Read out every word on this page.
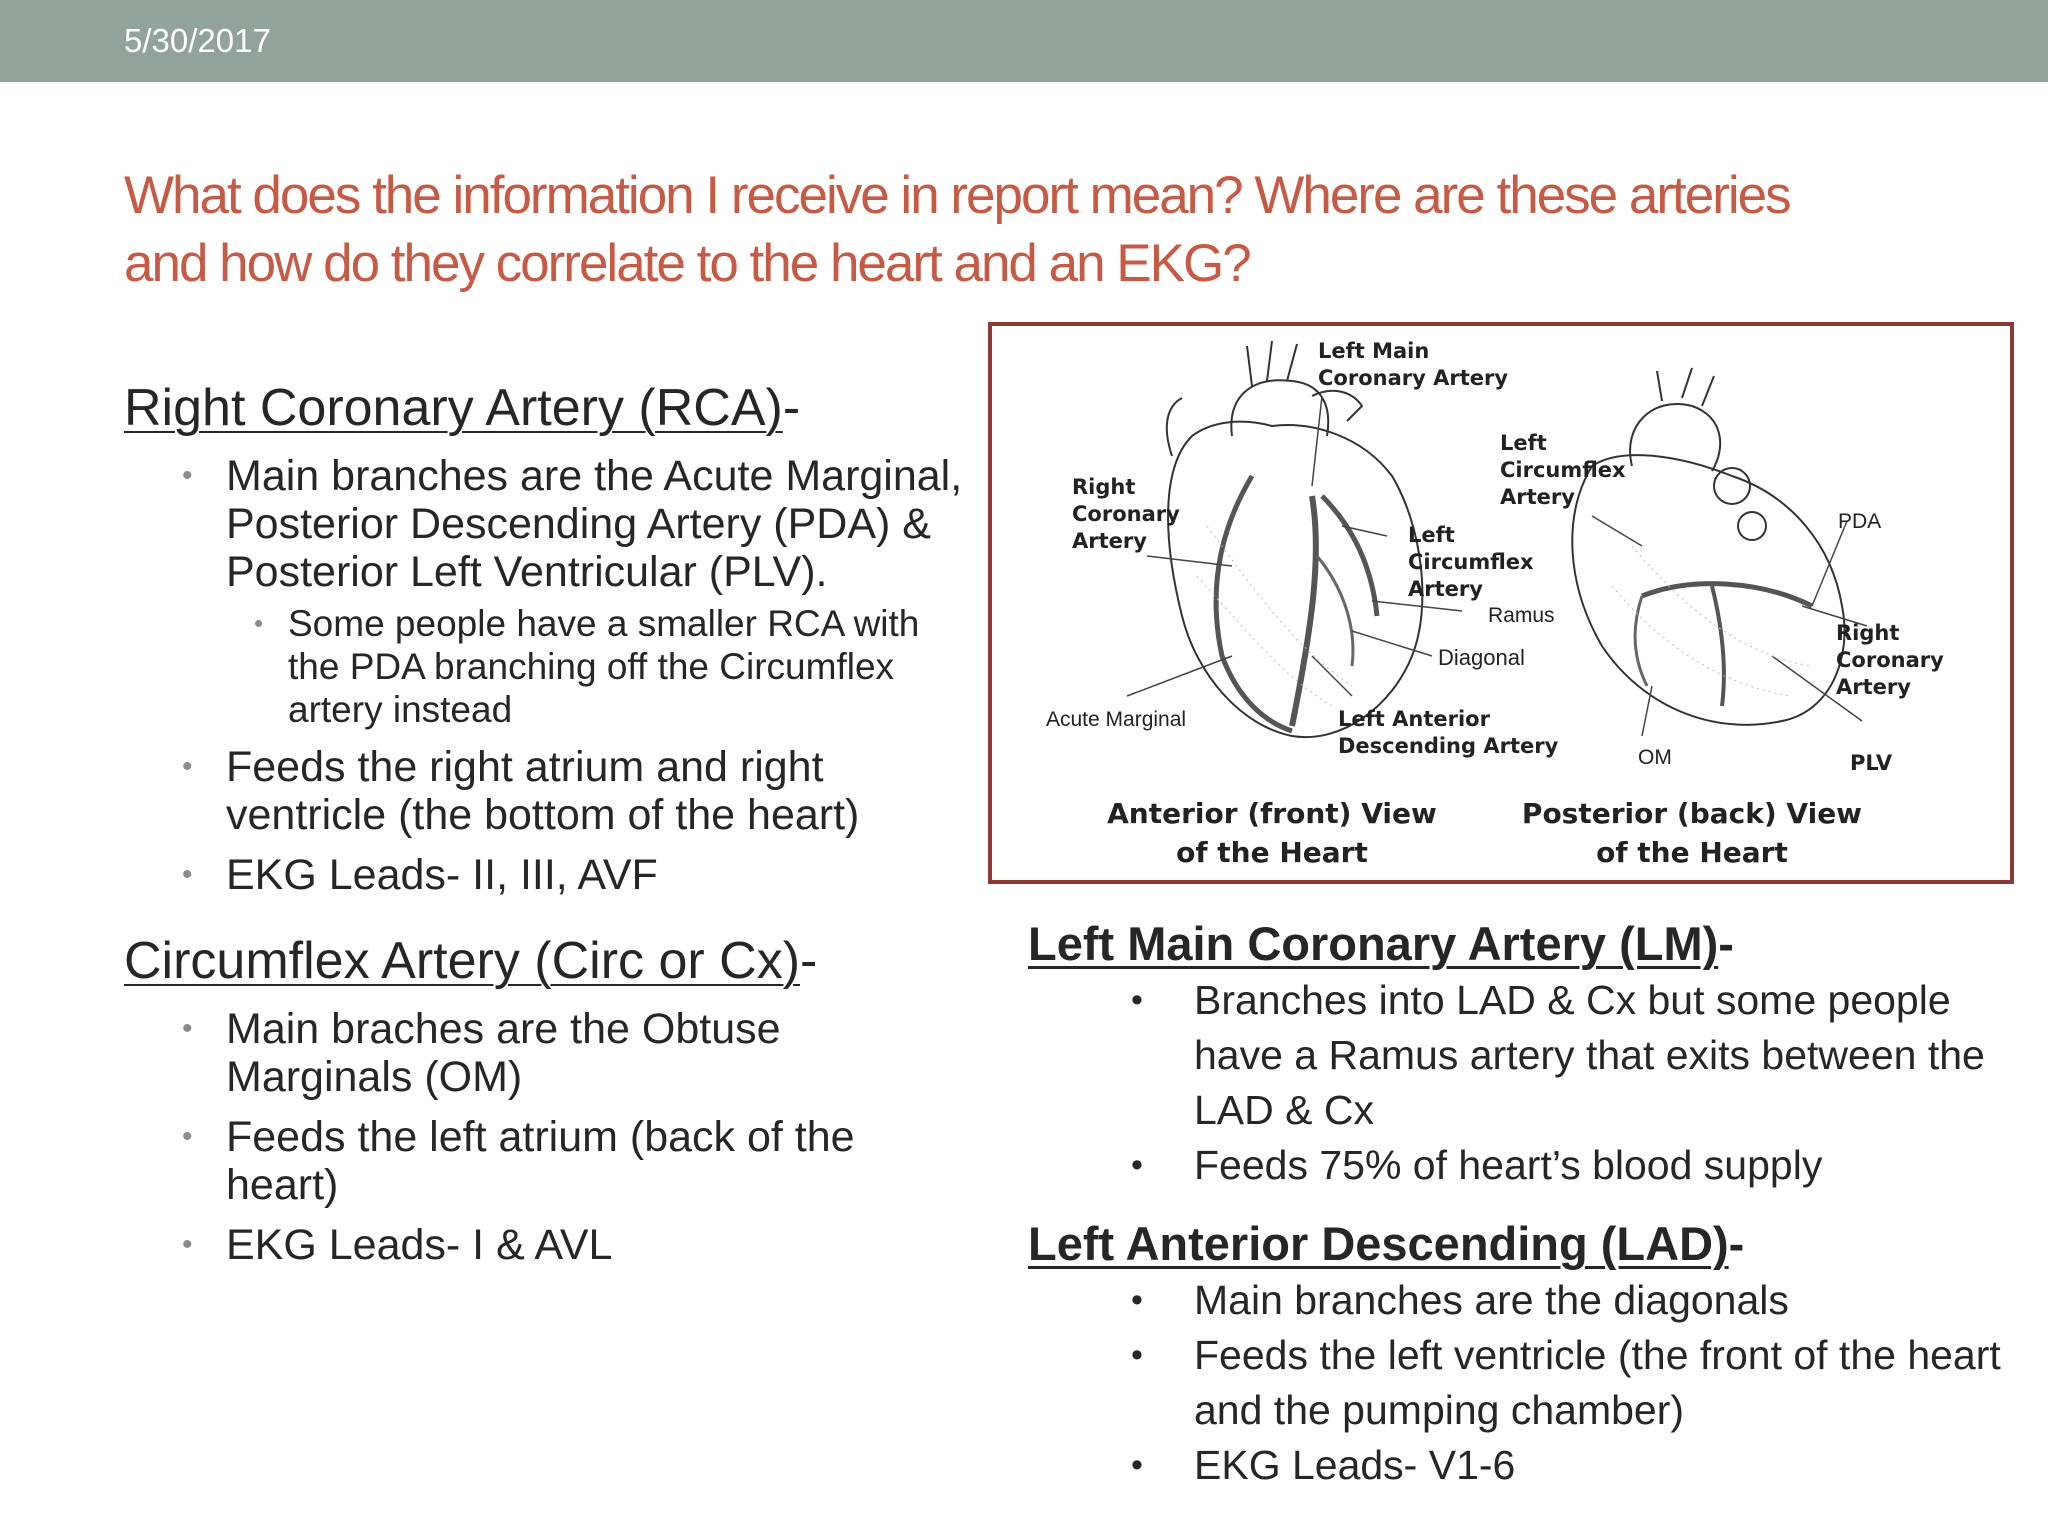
5/30/2017
What does the information I receive in report mean? Where are these arteries
and how do they correlate to the heart and an EKG?
Right Coronary Artery (RCA)-
• Main branches are the Acute Marginal, Posterior Descending Artery (PDA) & Posterior Left Ventricular (PLV).
• Some people have a smaller RCA with the PDA branching off the Circumflex artery instead
• Feeds the right atrium and right ventricle (the bottom of the heart)
• EKG Leads- II, III, AVF
Circumflex Artery (Circ or Cx)-
• Main braches are the Obtuse Marginals (OM)
• Feeds the left atrium (back of the heart)
• EKG Leads- I & AVL
Left Main
Coronary Artery
Right
Coronary
Artery
Left
Circumflex
Artery
Left
Circumflex
Artery
Ramus
Diagonal
Acute Marginal	Left Anterior
Descending Artery
PDA
Right
Coronary
Artery
OM	PLV
Anterior (front) View
of the Heart
Posterior (back) View
of the Heart
Left Main Coronary Artery (LM)-
• Branches into LAD & Cx but some people have a Ramus artery that exits between the LAD & Cx
• Feeds 75% of heart’s blood supply
Left Anterior Descending (LAD)-
• Main branches are the diagonals
• Feeds the left ventricle (the front of the heart and the pumping chamber)
• EKG Leads- V1-6
